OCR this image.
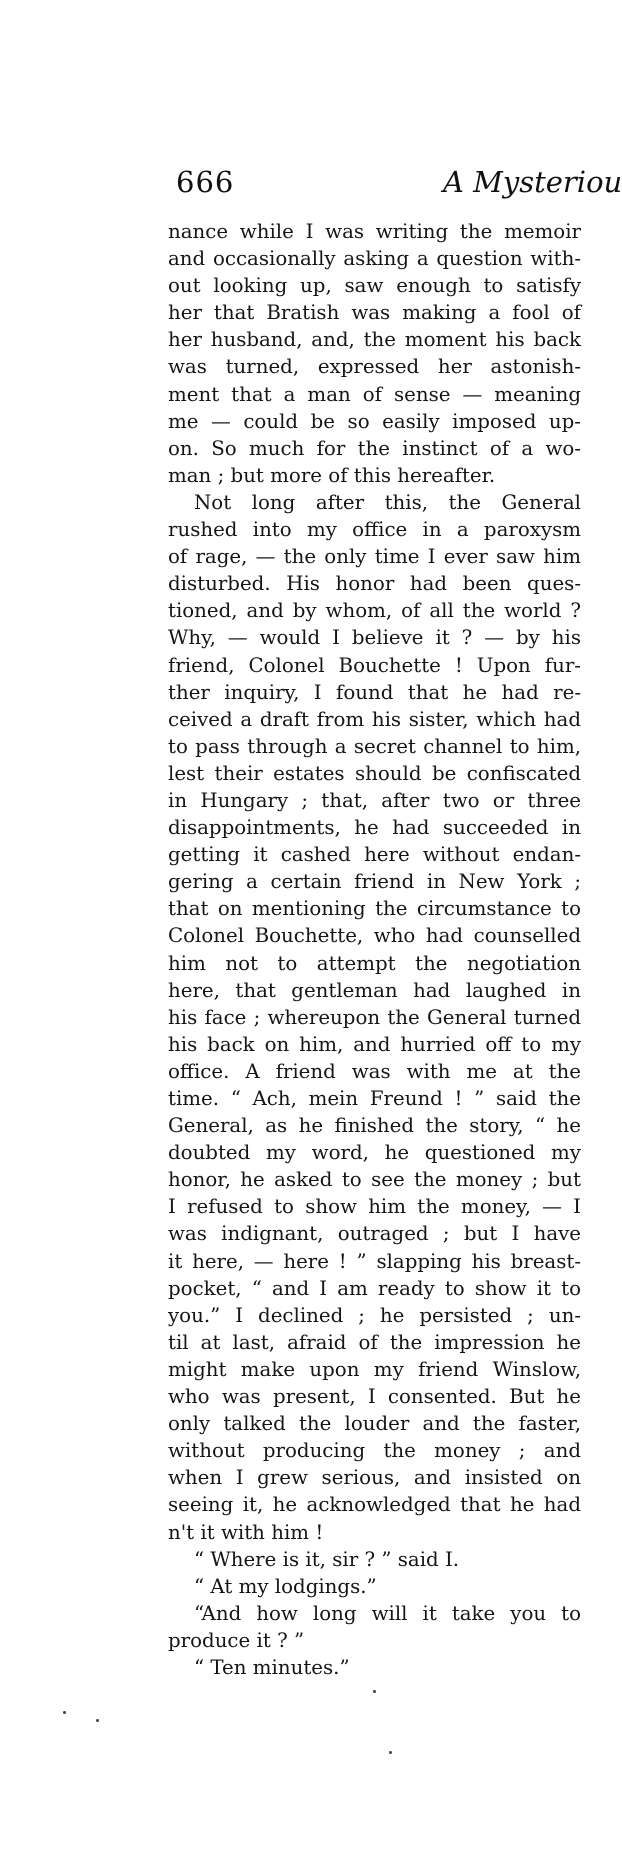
666	A Mysteriou
nance while I was writing the memoir
and occasionally asking a question with-
out looking up, saw enough to satisfy
her that Bratish was making a fool of
her husband, and, the moment his back
was turned, expressed her astonish-
ment that a man of sense — meaning
me — could be so easily imposed up-
on. So much for the instinct of a wo-
man ; but more of this hereafter.
Not long after this, the General
rushed into my office in a paroxysm
of rage, — the only time I ever saw him
disturbed. His honor had been ques-
tioned, and by whom, of all the world ?
Why, — would I believe it ? — by his
friend, Colonel Bouchette ! Upon fur-
ther inquiry, I found that he had re-
ceived a draft from his sister, which had
to pass through a secret channel to him,
lest their estates should be confiscated
in Hungary ; that, after two or three
disappointments, he had succeeded in
getting it cashed here without endan-
gering a certain friend in New York ;
that on mentioning the circumstance to
Colonel Bouchette, who had counselled
him not to attempt the negotiation
here, that gentleman had laughed in
his face ; whereupon the General turned
his back on him, and hurried off to my
office. A friend was with me at the
time. “ Ach, mein Freund ! ” said the
General, as he finished the story, “ he
doubted my word, he questioned my
honor, he asked to see the money ; but
I refused to show him the money, — I
was indignant, outraged ; but I have
it here, — here ! ” slapping his breast-
pocket, “ and I am ready to show it to
you.” I declined ; he persisted ; un-
til at last, afraid of the impression he
might make upon my friend Winslow,
who was present, I consented. But he
only talked the louder and the faster,
without producing the money ; and
when I grew serious, and insisted on
seeing it, he acknowledged that he had
n't it with him !
“ Where is it, sir ? ” said I.
“ At my lodgings.”
“And how long will it take you to
produce it ? ”
“ Ten minutes.”
